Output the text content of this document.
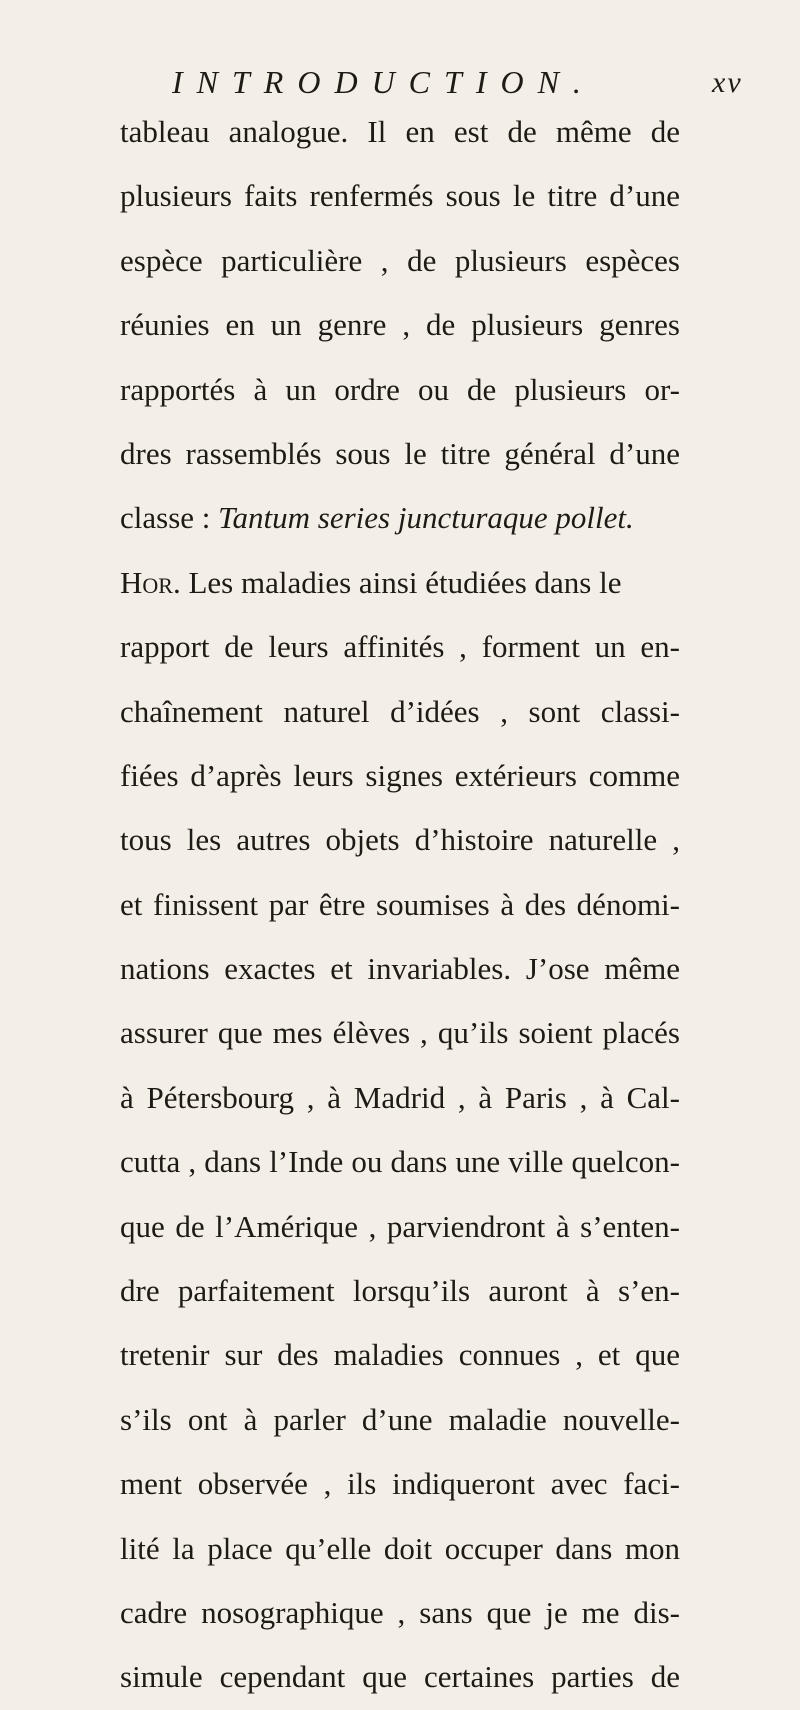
INTRODUCTION.	xv
tableau analogue. Il en est de même de
plusieurs faits renfermés sous le titre d’une
espèce particulière , de plusieurs espèces
réunies en un genre , de plusieurs genres
rapportés à un ordre ou de plusieurs or-
dres rassemblés sous le titre général d’une
classe : Tantum series juncturaque pollet.
Hor. Les maladies ainsi étudiées dans le
rapport de leurs affinités , forment un en-
chaînement naturel d’idées , sont classi-
fiées d’après leurs signes extérieurs comme
tous les autres objets d’histoire naturelle ,
et finissent par être soumises à des dénomi-
nations exactes et invariables. J’ose même
assurer que mes élèves , qu’ils soient placés
à Pétersbourg , à Madrid , à Paris , à Cal-
cutta , dans l’Inde ou dans une ville quelcon-
que de l’Amérique , parviendront à s’enten-
dre parfaitement lorsqu’ils auront à s’en-
tretenir sur des maladies connues , et que
s’ils ont à parler d’une maladie nouvelle-
ment observée , ils indiqueront avec faci-
lité la place qu’elle doit occuper dans mon
cadre nosographique , sans que je me dis-
simule cependant que certaines parties de
